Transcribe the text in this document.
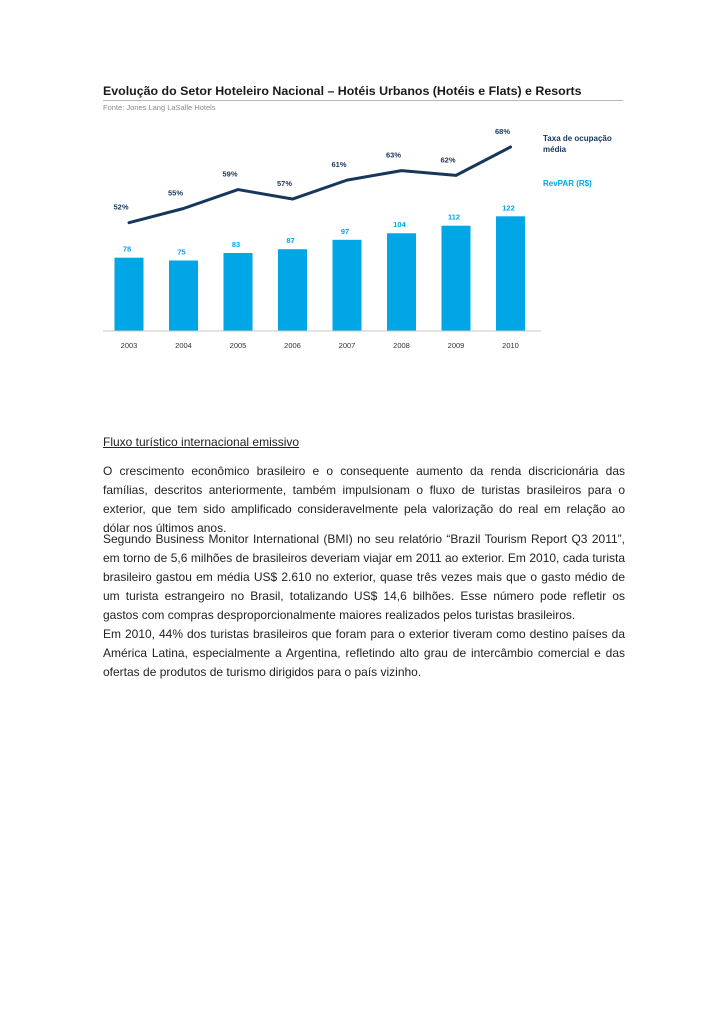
Evolução do Setor Hoteleiro Nacional – Hotéis Urbanos (Hotéis e Flats) e Resorts
Fonte: Jones Lang LaSalle Hotels
78	75
83	87
97
104
112
122
2003	2004	2005	2006	2007	2008	2009	2010
52%
55%
59%
57%
61%
63%
62%
68%
Taxa de ocupação
média
RevPAR (R$)
Fluxo turístico internacional emissivo

O crescimento econômico brasileiro e o consequente aumento da renda discricionária das famílias, descritos anteriormente, também impulsionam o fluxo de turistas brasileiros para o exterior, que tem sido amplificado consideravelmente pela valorização do real em relação ao dólar nos últimos anos.

Segundo Business Monitor International (BMI) no seu relatório “Brazil Tourism Report Q3 2011”, em torno de 5,6 milhões de brasileiros deveriam viajar em 2011 ao exterior. Em 2010, cada turista brasileiro gastou em média US$ 2.610 no exterior, quase três vezes mais que o gasto médio de um turista estrangeiro no Brasil, totalizando US$ 14,6 bilhões. Esse número pode refletir os gastos com compras desproporcionalmente maiores realizados pelos turistas brasileiros.

Em 2010, 44% dos turistas brasileiros que foram para o exterior tiveram como destino países da América Latina, especialmente a Argentina, refletindo alto grau de intercâmbio comercial e das ofertas de produtos de turismo dirigidos para o país vizinho.
